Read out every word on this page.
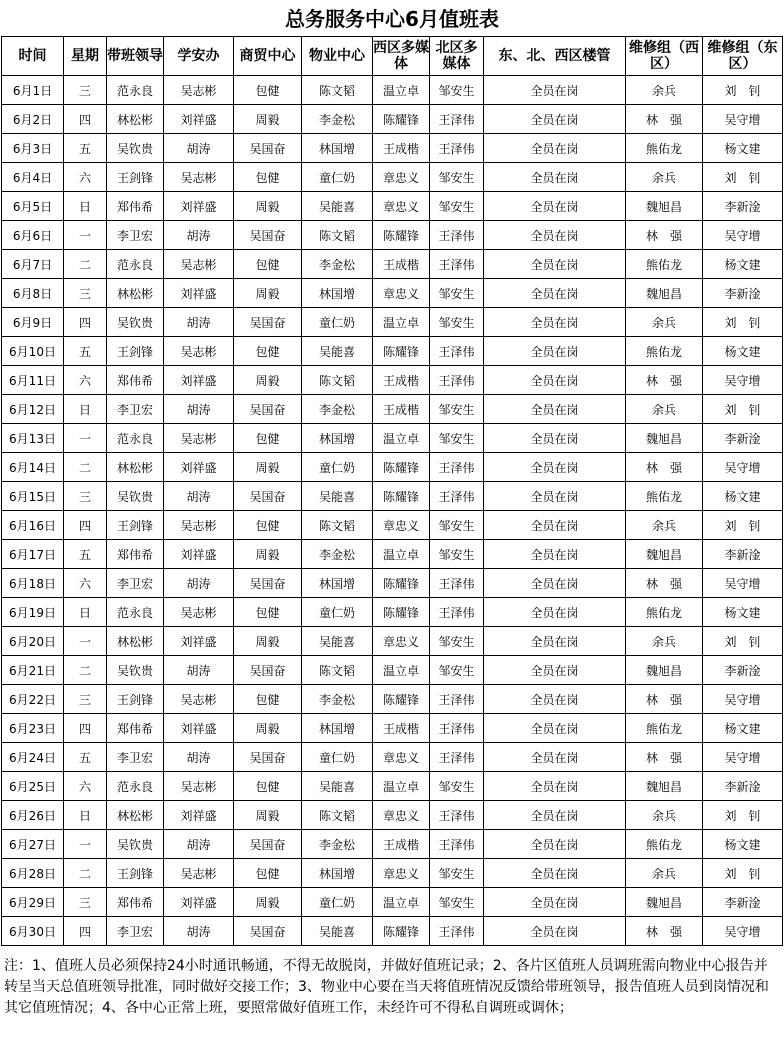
总务服务中心6月值班表
时间	星期	带班领导	学安办	商贸中心	物业中心	西区多媒体	北区多媒体	东、北、西区楼管	维修组（西区）	维修组（东区）
6月1日	三	范永良	吴志彬	包健	陈文韬	温立卓	邹安生	全员在岗	余兵	刘　钊
6月2日	四	林松彬	刘祥盛	周毅	李金松	陈耀锋	王泽伟	全员在岗	林　强	吴守增
6月3日	五	吴钦贵	胡涛	吴国奋	林国增	王成楷	王泽伟	全员在岗	熊佑龙	杨文建
6月4日	六	王剑锋	吴志彬	包健	童仁奶	章忠义	邹安生	全员在岗	余兵	刘　钊
6月5日	日	郑伟希	刘祥盛	周毅	吴能喜	章忠义	邹安生	全员在岗	魏旭昌	李新淦
6月6日	一	李卫宏	胡涛	吴国奋	陈文韬	陈耀锋	王泽伟	全员在岗	林　强	吴守增
6月7日	二	范永良	吴志彬	包健	李金松	王成楷	王泽伟	全员在岗	熊佑龙	杨文建
6月8日	三	林松彬	刘祥盛	周毅	林国增	章忠义	邹安生	全员在岗	魏旭昌	李新淦
6月9日	四	吴钦贵	胡涛	吴国奋	童仁奶	温立卓	邹安生	全员在岗	余兵	刘　钊
6月10日	五	王剑锋	吴志彬	包健	吴能喜	陈耀锋	王泽伟	全员在岗	熊佑龙	杨文建
6月11日	六	郑伟希	刘祥盛	周毅	陈文韬	王成楷	王泽伟	全员在岗	林　强	吴守增
6月12日	日	李卫宏	胡涛	吴国奋	李金松	王成楷	邹安生	全员在岗	余兵	刘　钊
6月13日	一	范永良	吴志彬	包健	林国增	温立卓	邹安生	全员在岗	魏旭昌	李新淦
6月14日	二	林松彬	刘祥盛	周毅	童仁奶	陈耀锋	王泽伟	全员在岗	林　强	吴守增
6月15日	三	吴钦贵	胡涛	吴国奋	吴能喜	陈耀锋	王泽伟	全员在岗	熊佑龙	杨文建
6月16日	四	王剑锋	吴志彬	包健	陈文韬	章忠义	邹安生	全员在岗	余兵	刘　钊
6月17日	五	郑伟希	刘祥盛	周毅	李金松	温立卓	邹安生	全员在岗	魏旭昌	李新淦
6月18日	六	李卫宏	胡涛	吴国奋	林国增	陈耀锋	王泽伟	全员在岗	林　强	吴守增
6月19日	日	范永良	吴志彬	包健	童仁奶	陈耀锋	王泽伟	全员在岗	熊佑龙	杨文建
6月20日	一	林松彬	刘祥盛	周毅	吴能喜	章忠义	邹安生	全员在岗	余兵	刘　钊
6月21日	二	吴钦贵	胡涛	吴国奋	陈文韬	温立卓	邹安生	全员在岗	魏旭昌	李新淦
6月22日	三	王剑锋	吴志彬	包健	李金松	陈耀锋	王泽伟	全员在岗	林　强	吴守增
6月23日	四	郑伟希	刘祥盛	周毅	林国增	王成楷	王泽伟	全员在岗	熊佑龙	杨文建
6月24日	五	李卫宏	胡涛	吴国奋	童仁奶	章忠义	王泽伟	全员在岗	林　强	吴守增
6月25日	六	范永良	吴志彬	包健	吴能喜	温立卓	邹安生	全员在岗	魏旭昌	李新淦
6月26日	日	林松彬	刘祥盛	周毅	陈文韬	章忠义	王泽伟	全员在岗	余兵	刘　钊
6月27日	一	吴钦贵	胡涛	吴国奋	李金松	王成楷	王泽伟	全员在岗	熊佑龙	杨文建
6月28日	二	王剑锋	吴志彬	包健	林国增	章忠义	邹安生	全员在岗	余兵	刘　钊
6月29日	三	郑伟希	刘祥盛	周毅	童仁奶	温立卓	邹安生	全员在岗	魏旭昌	李新淦
6月30日	四	李卫宏	胡涛	吴国奋	吴能喜	陈耀锋	王泽伟	全员在岗	林　强	吴守增
注：1、值班人员必须保持24小时通讯畅通，不得无故脱岗，并做好值班记录；2、各片区值班人员调班需向物业中心报告并转呈当天总值班领导批准，同时做好交接工作；3、物业中心要在当天将值班情况反馈给带班领导，报告值班人员到岗情况和其它值班情况；4、各中心正常上班，要照常做好值班工作，未经许可不得私自调班或调休；
